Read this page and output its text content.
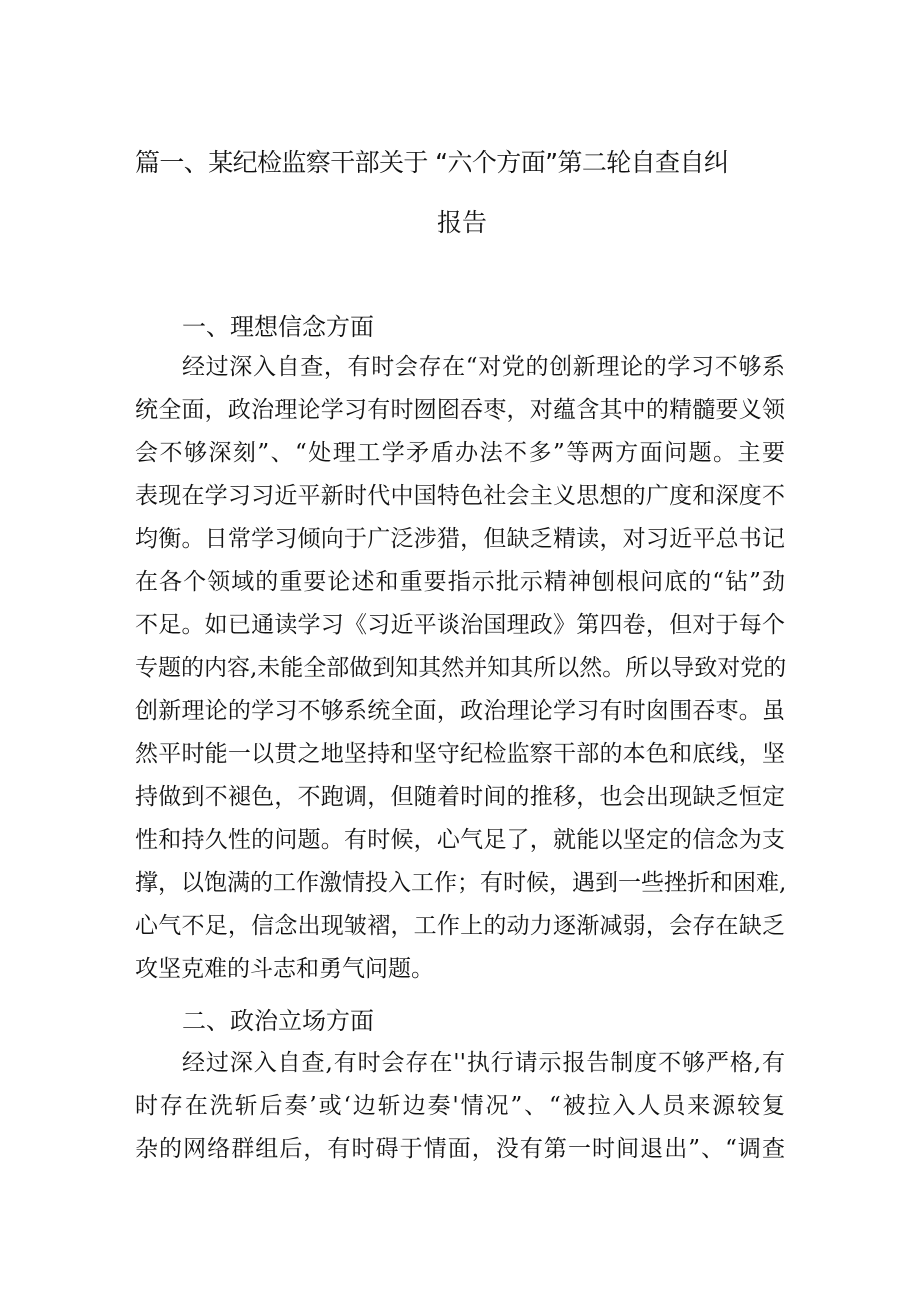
篇一、某纪检监察干部关于 “六个方面”第二轮自查自纠
报告
一、理想信念方面
经过深入自查，有时会存在“对党的创新理论的学习不够系
统全面，政治理论学习有时囫囵吞枣，对蕴含其中的精髓要义领
会不够深刻”、“处理工学矛盾办法不多”等两方面问题。主要
表现在学习习近平新时代中国特色社会主义思想的广度和深度不
均衡。日常学习倾向于广泛涉猎，但缺乏精读，对习近平总书记
在各个领域的重要论述和重要指示批示精神刨根问底的“钻”劲
不足。如已通读学习《习近平谈治国理政》第四卷，但对于每个
专题的内容,未能全部做到知其然并知其所以然。所以导致对党的
创新理论的学习不够系统全面，政治理论学习有时囱围吞枣。虽
然平时能一以贯之地坚持和坚守纪检监察干部的本色和底线，坚
持做到不褪色，不跑调，但随着时间的推移，也会出现缺乏恒定
性和持久性的问题。有时候，心气足了，就能以坚定的信念为支
撑，以饱满的工作激情投入工作；有时候，遇到一些挫折和困难,
心气不足，信念出现皱褶，工作上的动力逐渐减弱，会存在缺乏
攻坚克难的斗志和勇气问题。
二、政治立场方面
经过深入自查,有时会存在''执行请示报告制度不够严格,有
时存在洗斩后奏’或‘边斩边奏'情况”、“被拉入人员来源较复
杂的网络群组后，有时碍于情面，没有第一时间退出”、“调查
